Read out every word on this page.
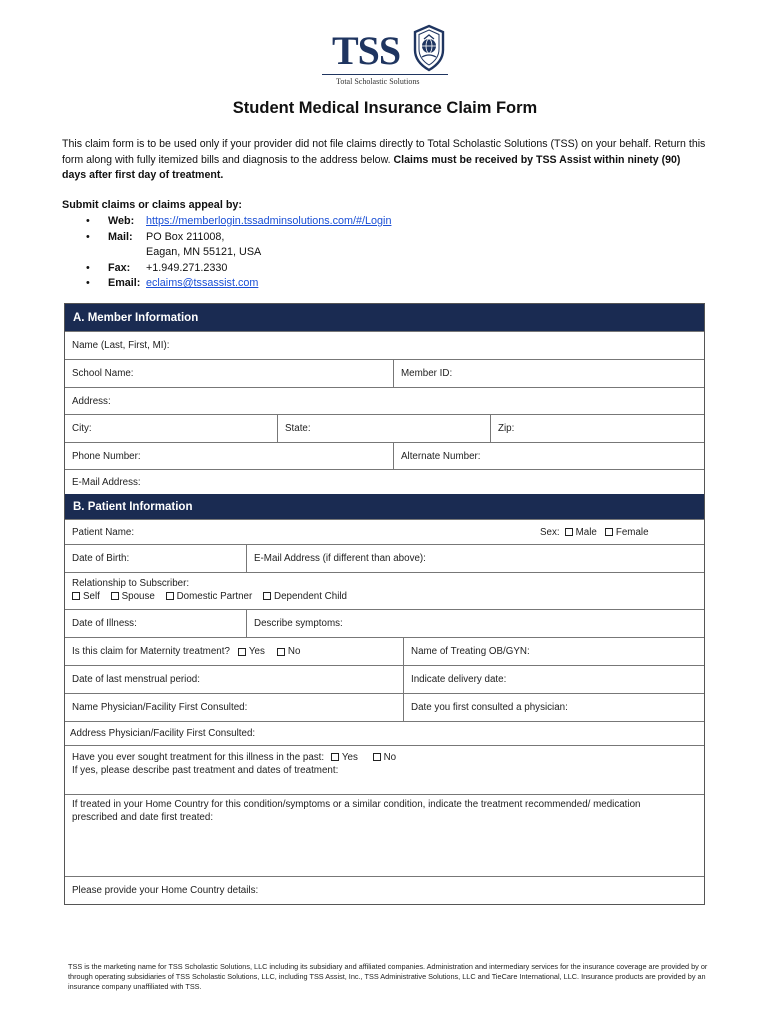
TSS
Total Scholastic Solutions
Student Medical Insurance Claim Form
This claim form is to be used only if your provider did not file claims directly to Total Scholastic Solutions (TSS) on your behalf. Return this form along with fully itemized bills and diagnosis to the address below. Claims must be received by TSS Assist within ninety (90) days after first day of treatment.
Submit claims or claims appeal by:
•	Web:	https://memberlogin.tssadminsolutions.com/#/Login
•	Mail:	PO Box 211008,
Eagan, MN 55121, USA
•	Fax:	+1.949.271.2330
•	Email: eclaims@tssassist.com
A. Member Information
Name (Last, First, MI):
School Name:	Member ID:
Address:
City:	State:	Zip:
Phone Number:	Alternate Number:
E-Mail Address:
B. Patient Information
Patient Name:	Sex: Male Female
Date of Birth:	E-Mail Address (if different than above):
Relationship to Subscriber:
Self Spouse Domestic Partner Dependent Child
Date of Illness:	Describe symptoms:
Is this claim for Maternity treatment? Yes No	Name of Treating OB/GYN:
Date of last menstrual period:	Indicate delivery date:
Name Physician/Facility First Consulted:	Date you first consulted a physician:
Address Physician/Facility First Consulted:
Have you ever sought treatment for this illness in the past: Yes	No
If yes, please describe past treatment and dates of treatment:
If treated in your Home Country for this condition/symptoms or a similar condition, indicate the treatment recommended/ medication prescribed and date first treated:
Please provide your Home Country details:
TSS is the marketing name for TSS Scholastic Solutions, LLC including its subsidiary and affiliated companies. Administration and intermediary services for the insurance coverage are provided by or through operating subsidiaries of TSS Scholastic Solutions, LLC, including TSS Assist, Inc., TSS Administrative Solutions, LLC and TieCare International, LLC. Insurance products are provided by an insurance company unaffiliated with TSS.
